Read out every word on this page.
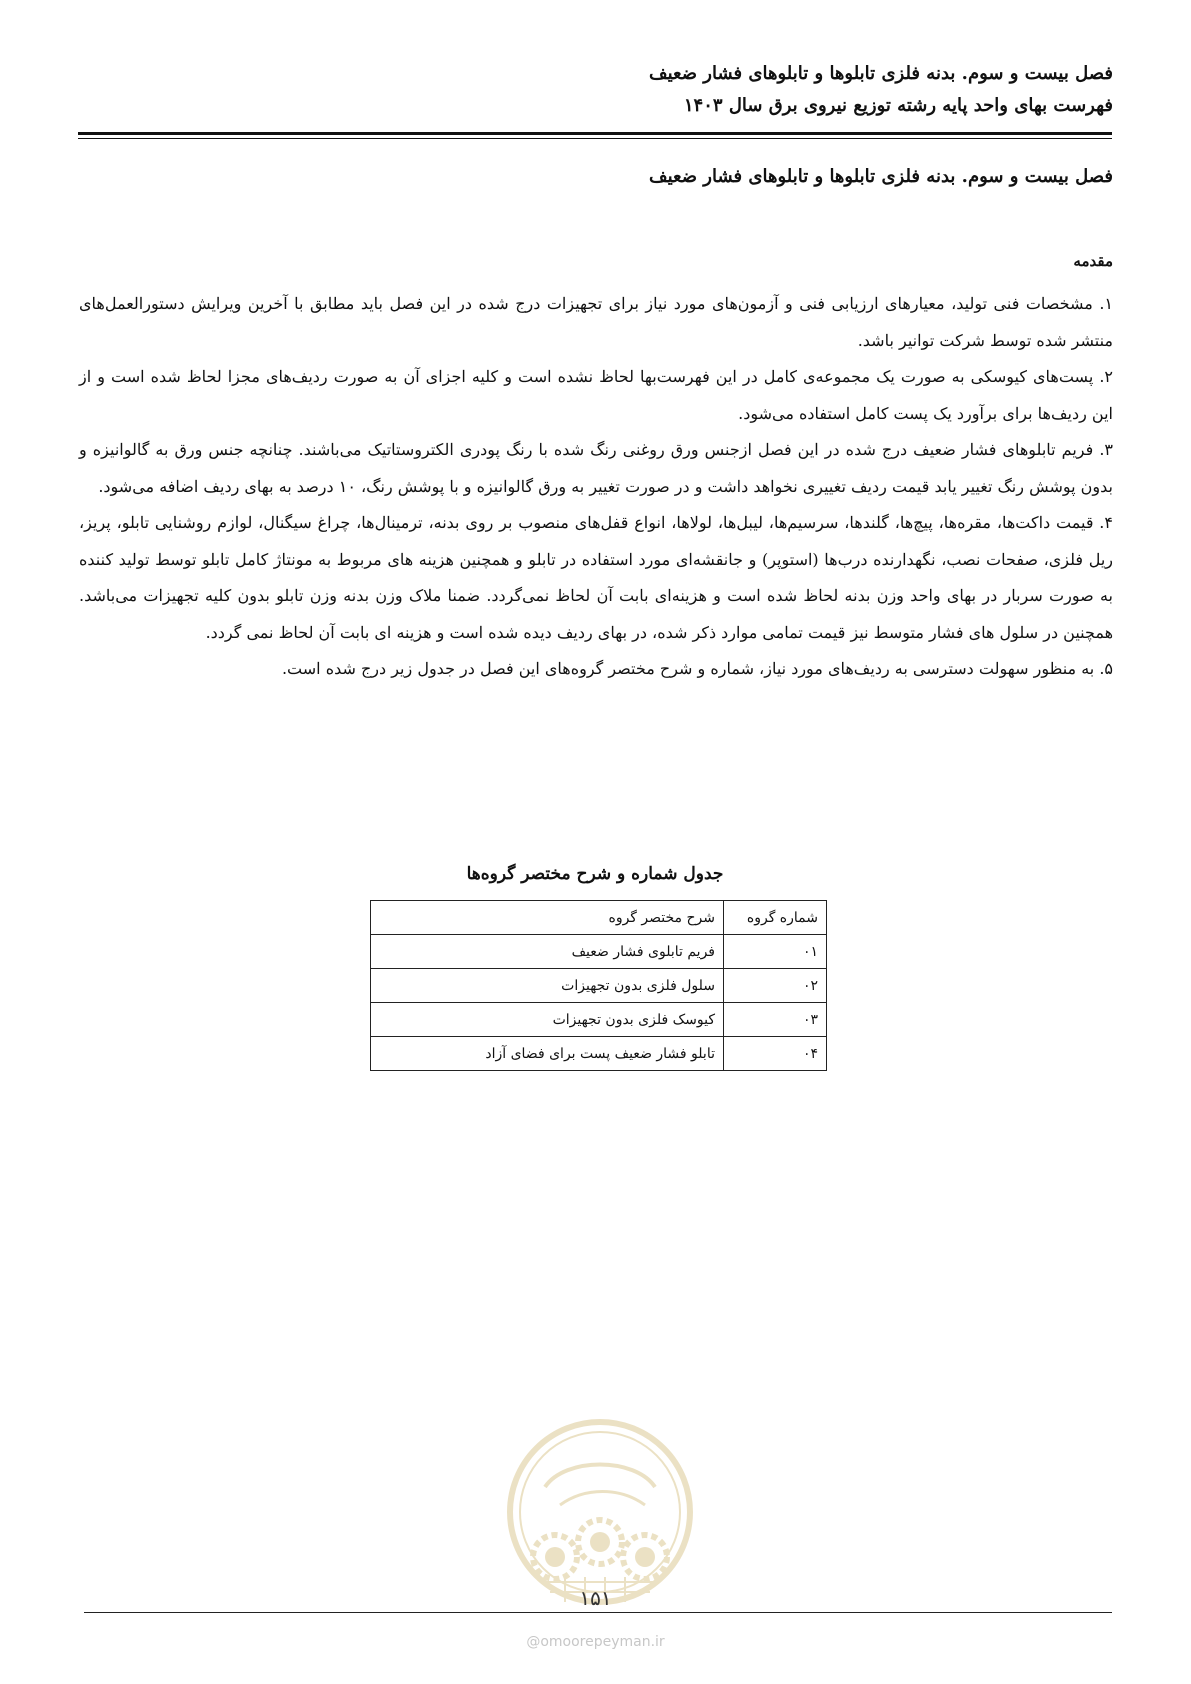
فصل بیست و سوم. بدنه فلزی تابلوها و تابلوهای فشار ضعیف
فهرست بهای واحد پایه رشته توزیع نیروی برق سال ۱۴۰۳
فصل بیست و سوم. بدنه فلزی تابلوها و تابلوهای فشار ضعیف
مقدمه

۱. مشخصات فنی تولید، معیارهای ارزیابی فنی و آزمون‌های مورد نیاز برای تجهیزات درج شده در این فصل باید مطابق با آخرین ویرایش دستورالعمل‌های منتشر شده توسط شرکت توانیر باشد.

۲. پست‌های کیوسکی به صورت یک مجموعه‌ی کامل در این فهرست‌بها لحاظ نشده است و کلیه اجزای آن به صورت ردیف‌های مجزا لحاظ شده است و از این ردیف‌ها برای برآورد یک پست کامل استفاده می‌شود.

۳. فریم تابلوهای فشار ضعیف درج شده در این فصل ازجنس ورق روغنی رنگ شده با رنگ پودری الکتروستاتیک می‌باشند. چنانچه جنس ورق به گالوانیزه و بدون پوشش رنگ تغییر یابد قیمت ردیف تغییری نخواهد داشت و در صورت تغییر به ورق گالوانیزه و با پوشش رنگ، ۱۰ درصد به بهای ردیف اضافه می‌شود.

۴. قیمت داکت‌ها، مقره‌ها، پیچ‌ها، گلندها، سرسیم‌ها، لیبل‌ها، لولاها، انواع قفل‌های منصوب بر روی بدنه، ترمینال‌ها، چراغ سیگنال، لوازم روشنایی تابلو، پریز، ریل فلزی، صفحات نصب، نگهدارنده درب‌ها (استوپر) و جانقشه‌ای مورد استفاده در تابلو و همچنین هزینه های مربوط به مونتاژ کامل تابلو توسط تولید کننده به صورت سربار در بهای واحد وزن بدنه لحاظ شده است و هزینه‌ای بابت آن لحاظ نمی‌گردد. ضمنا ملاک وزن بدنه وزن تابلو بدون کلیه تجهیزات می‌باشد. همچنین در سلول های فشار متوسط نیز قیمت تمامی موارد ذکر شده، در بهای ردیف دیده شده است و هزینه ای بابت آن لحاظ نمی گردد.

۵. به منظور سهولت دسترسی به ردیف‌های مورد نیاز، شماره و شرح مختصر گروه‌های این فصل در جدول زیر درج شده است.

جدول شماره و شرح مختصر گروه‌ها
شماره گروه	شرح مختصر گروه
۰۱	فریم تابلوی فشار ضعیف
۰۲	سلول فلزی بدون تجهیزات
۰۳	کیوسک فلزی بدون تجهیزات
۰۴	تابلو فشار ضعیف پست برای فضای آزاد
۱۵۱
@omoorepeyman.ir
